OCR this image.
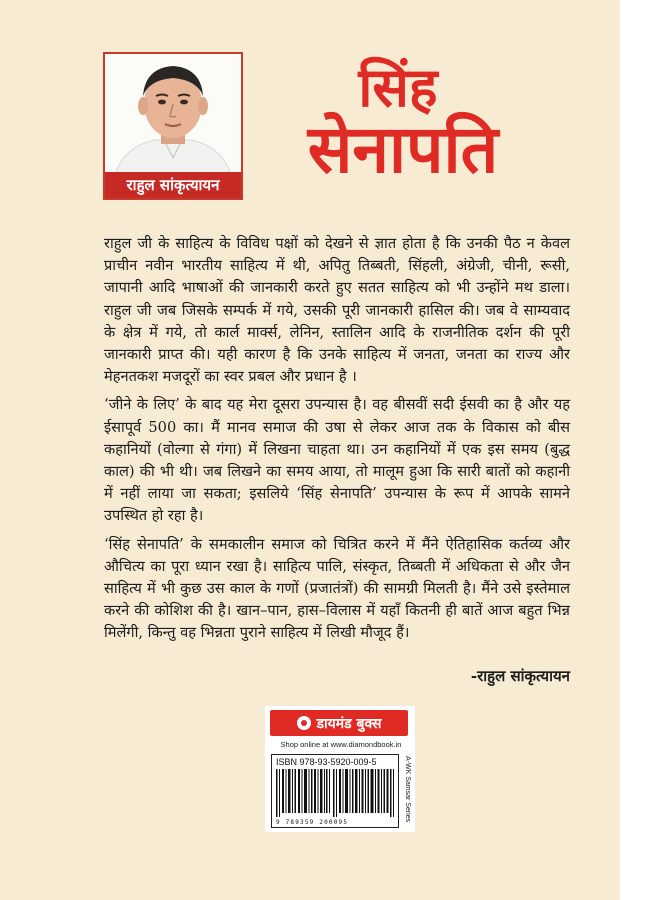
राहुल सांकृत्यायन
सिंह
सेनापति

राहुल जी के साहित्य के विविध पक्षों को देखने से ज्ञात होता है कि उनकी पैठ न केवल प्राचीन नवीन भारतीय साहित्य में थी, अपितु तिब्बती, सिंहली, अंग्रेजी, चीनी, रूसी, जापानी आदि भाषाओं की जानकारी करते हुए सतत साहित्य को भी उन्होंने मथ डाला। राहुल जी जब जिसके सम्पर्क में गये, उसकी पूरी जानकारी हासिल की। जब वे साम्यवाद के क्षेत्र में गये, तो कार्ल मार्क्स, लेनिन, स्तालिन आदि के राजनीतिक दर्शन की पूरी जानकारी प्राप्त की। यही कारण है कि उनके साहित्य में जनता, जनता का राज्य और मेहनतकश मजदूरों का स्वर प्रबल और प्रधान है ।

‘जीने के लिए’ के बाद यह मेरा दूसरा उपन्यास है। वह बीसवीं सदी ईसवी का है और यह ईसापूर्व 500 का। मैं मानव समाज की उषा से लेकर आज तक के विकास को बीस कहानियों (वोल्गा से गंगा) में लिखना चाहता था। उन कहानियों में एक इस समय (बुद्ध काल) की भी थी। जब लिखने का समय आया, तो मालूम हुआ कि सारी बातों को कहानी में नहीं लाया जा सकता; इसलिये ‘सिंह सेनापति’ उपन्यास के रूप में आपके सामने उपस्थित हो रहा है।

‘सिंह सेनापति’ के समकालीन समाज को चित्रित करने में मैंने ऐतिहासिक कर्तव्य और औचित्य का पूरा ध्यान रखा है। साहित्य पालि, संस्कृत, तिब्बती में अधिकता से और जैन साहित्य में भी कुछ उस काल के गणों (प्रजातंत्रों) की सामग्री मिलती है। मैंने उसे इस्तेमाल करने की कोशिश की है। खान–पान, हास–विलास में यहाँ कितनी ही बातें आज बहुत भिन्न मिलेंगी, किन्तु वह भिन्नता पुराने साहित्य में लिखी मौजूद हैं।

-राहुल सांकृत्यायन
डायमंड बुक्स
Shop online at www.diamondbook.in
ISBN 978-93-5920-009-5
9 789359 200095
A-WK Samsar Series
